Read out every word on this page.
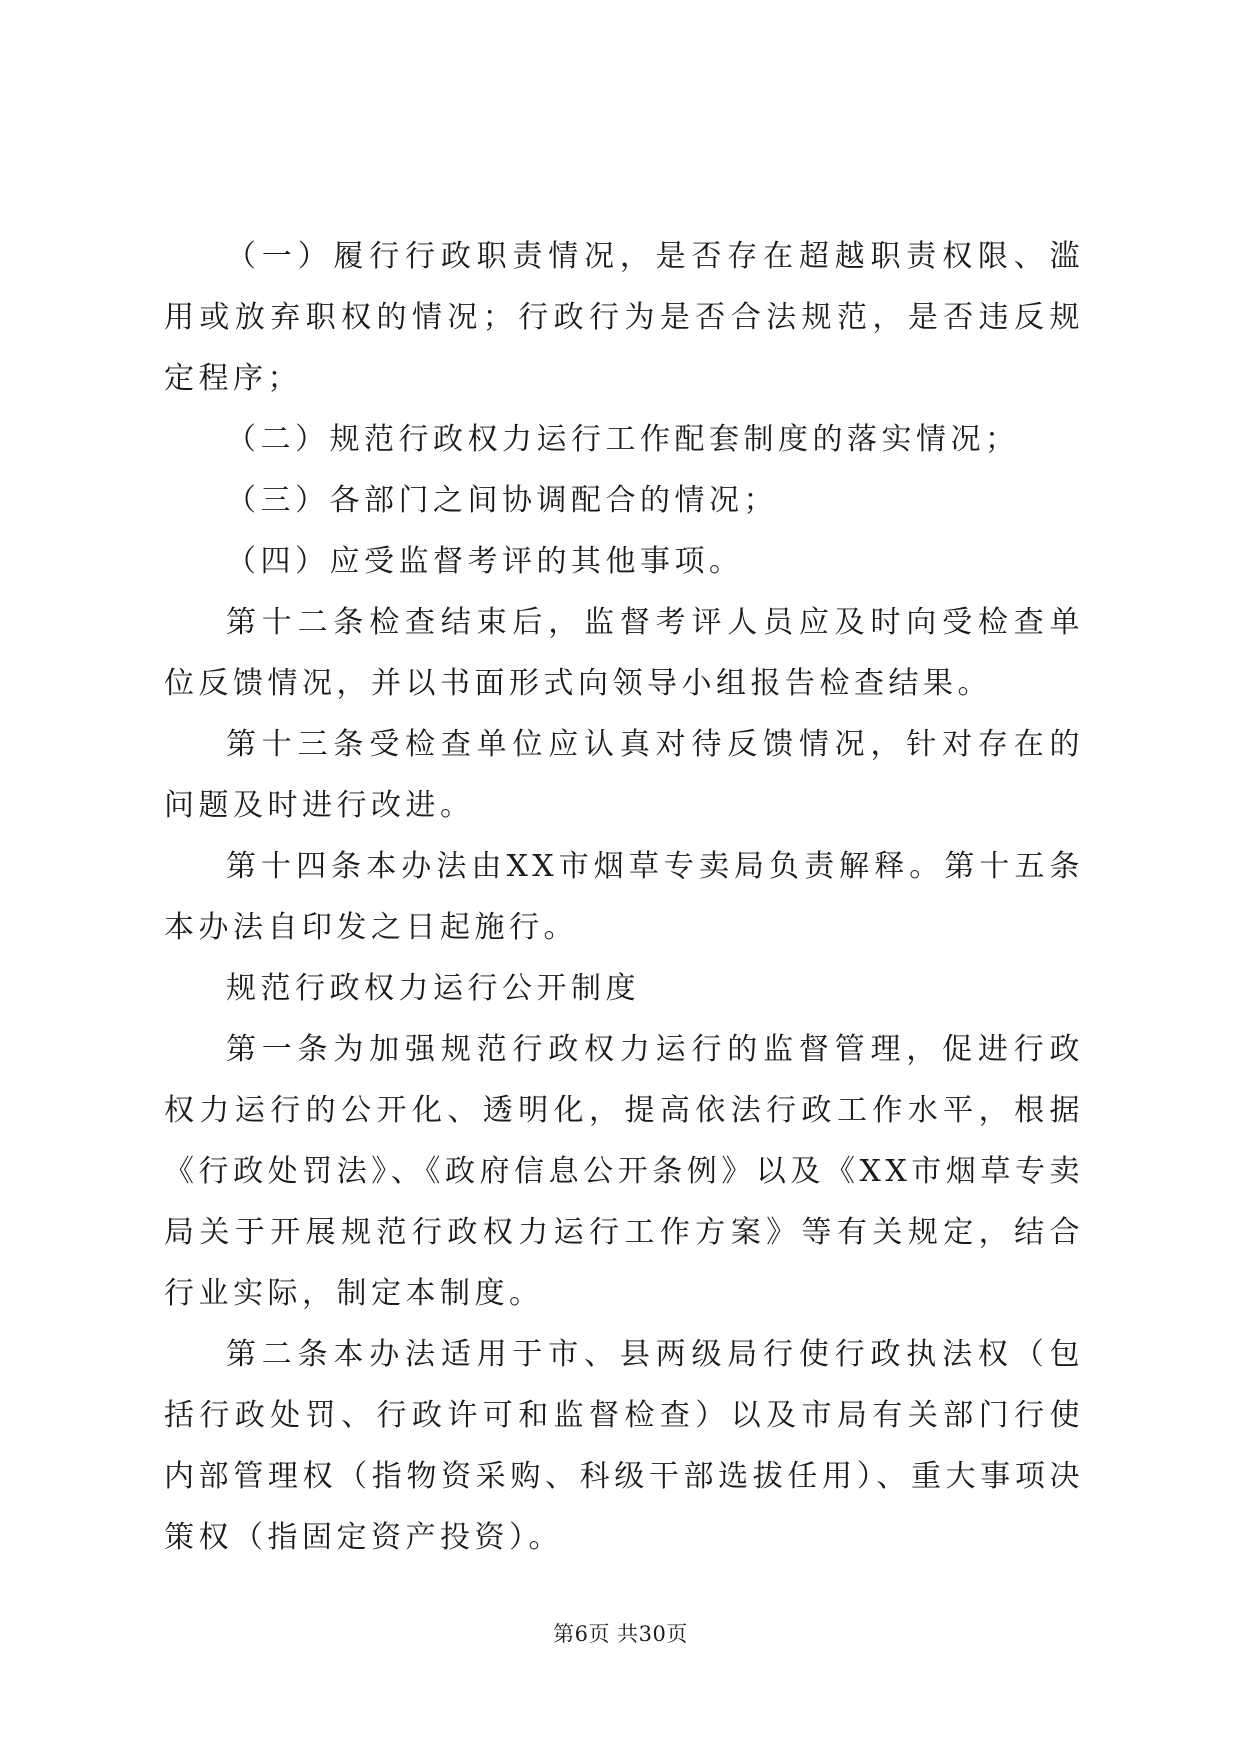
（一）履行行政职责情况，是否存在超越职责权限、滥用或放弃职权的情况；行政行为是否合法规范，是否违反规定程序；

（二）规范行政权力运行工作配套制度的落实情况；

（三）各部门之间协调配合的情况；

（四）应受监督考评的其他事项。

第十二条检查结束后，监督考评人员应及时向受检查单位反馈情况，并以书面形式向领导小组报告检查结果。

第十三条受检查单位应认真对待反馈情况，针对存在的问题及时进行改进。

第十四条本办法由XX市烟草专卖局负责解释。第十五条本办法自印发之日起施行。

规范行政权力运行公开制度

第一条为加强规范行政权力运行的监督管理，促进行政权力运行的公开化、透明化，提高依法行政工作水平，根据《行政处罚法》、《政府信息公开条例》以及《XX市烟草专卖局关于开展规范行政权力运行工作方案》等有关规定，结合行业实际，制定本制度。

第二条本办法适用于市、县两级局行使行政执法权（包括行政处罚、行政许可和监督检查）以及市局有关部门行使内部管理权（指物资采购、科级干部选拔任用）、重大事项决策权（指固定资产投资）。

第6页 共30页
